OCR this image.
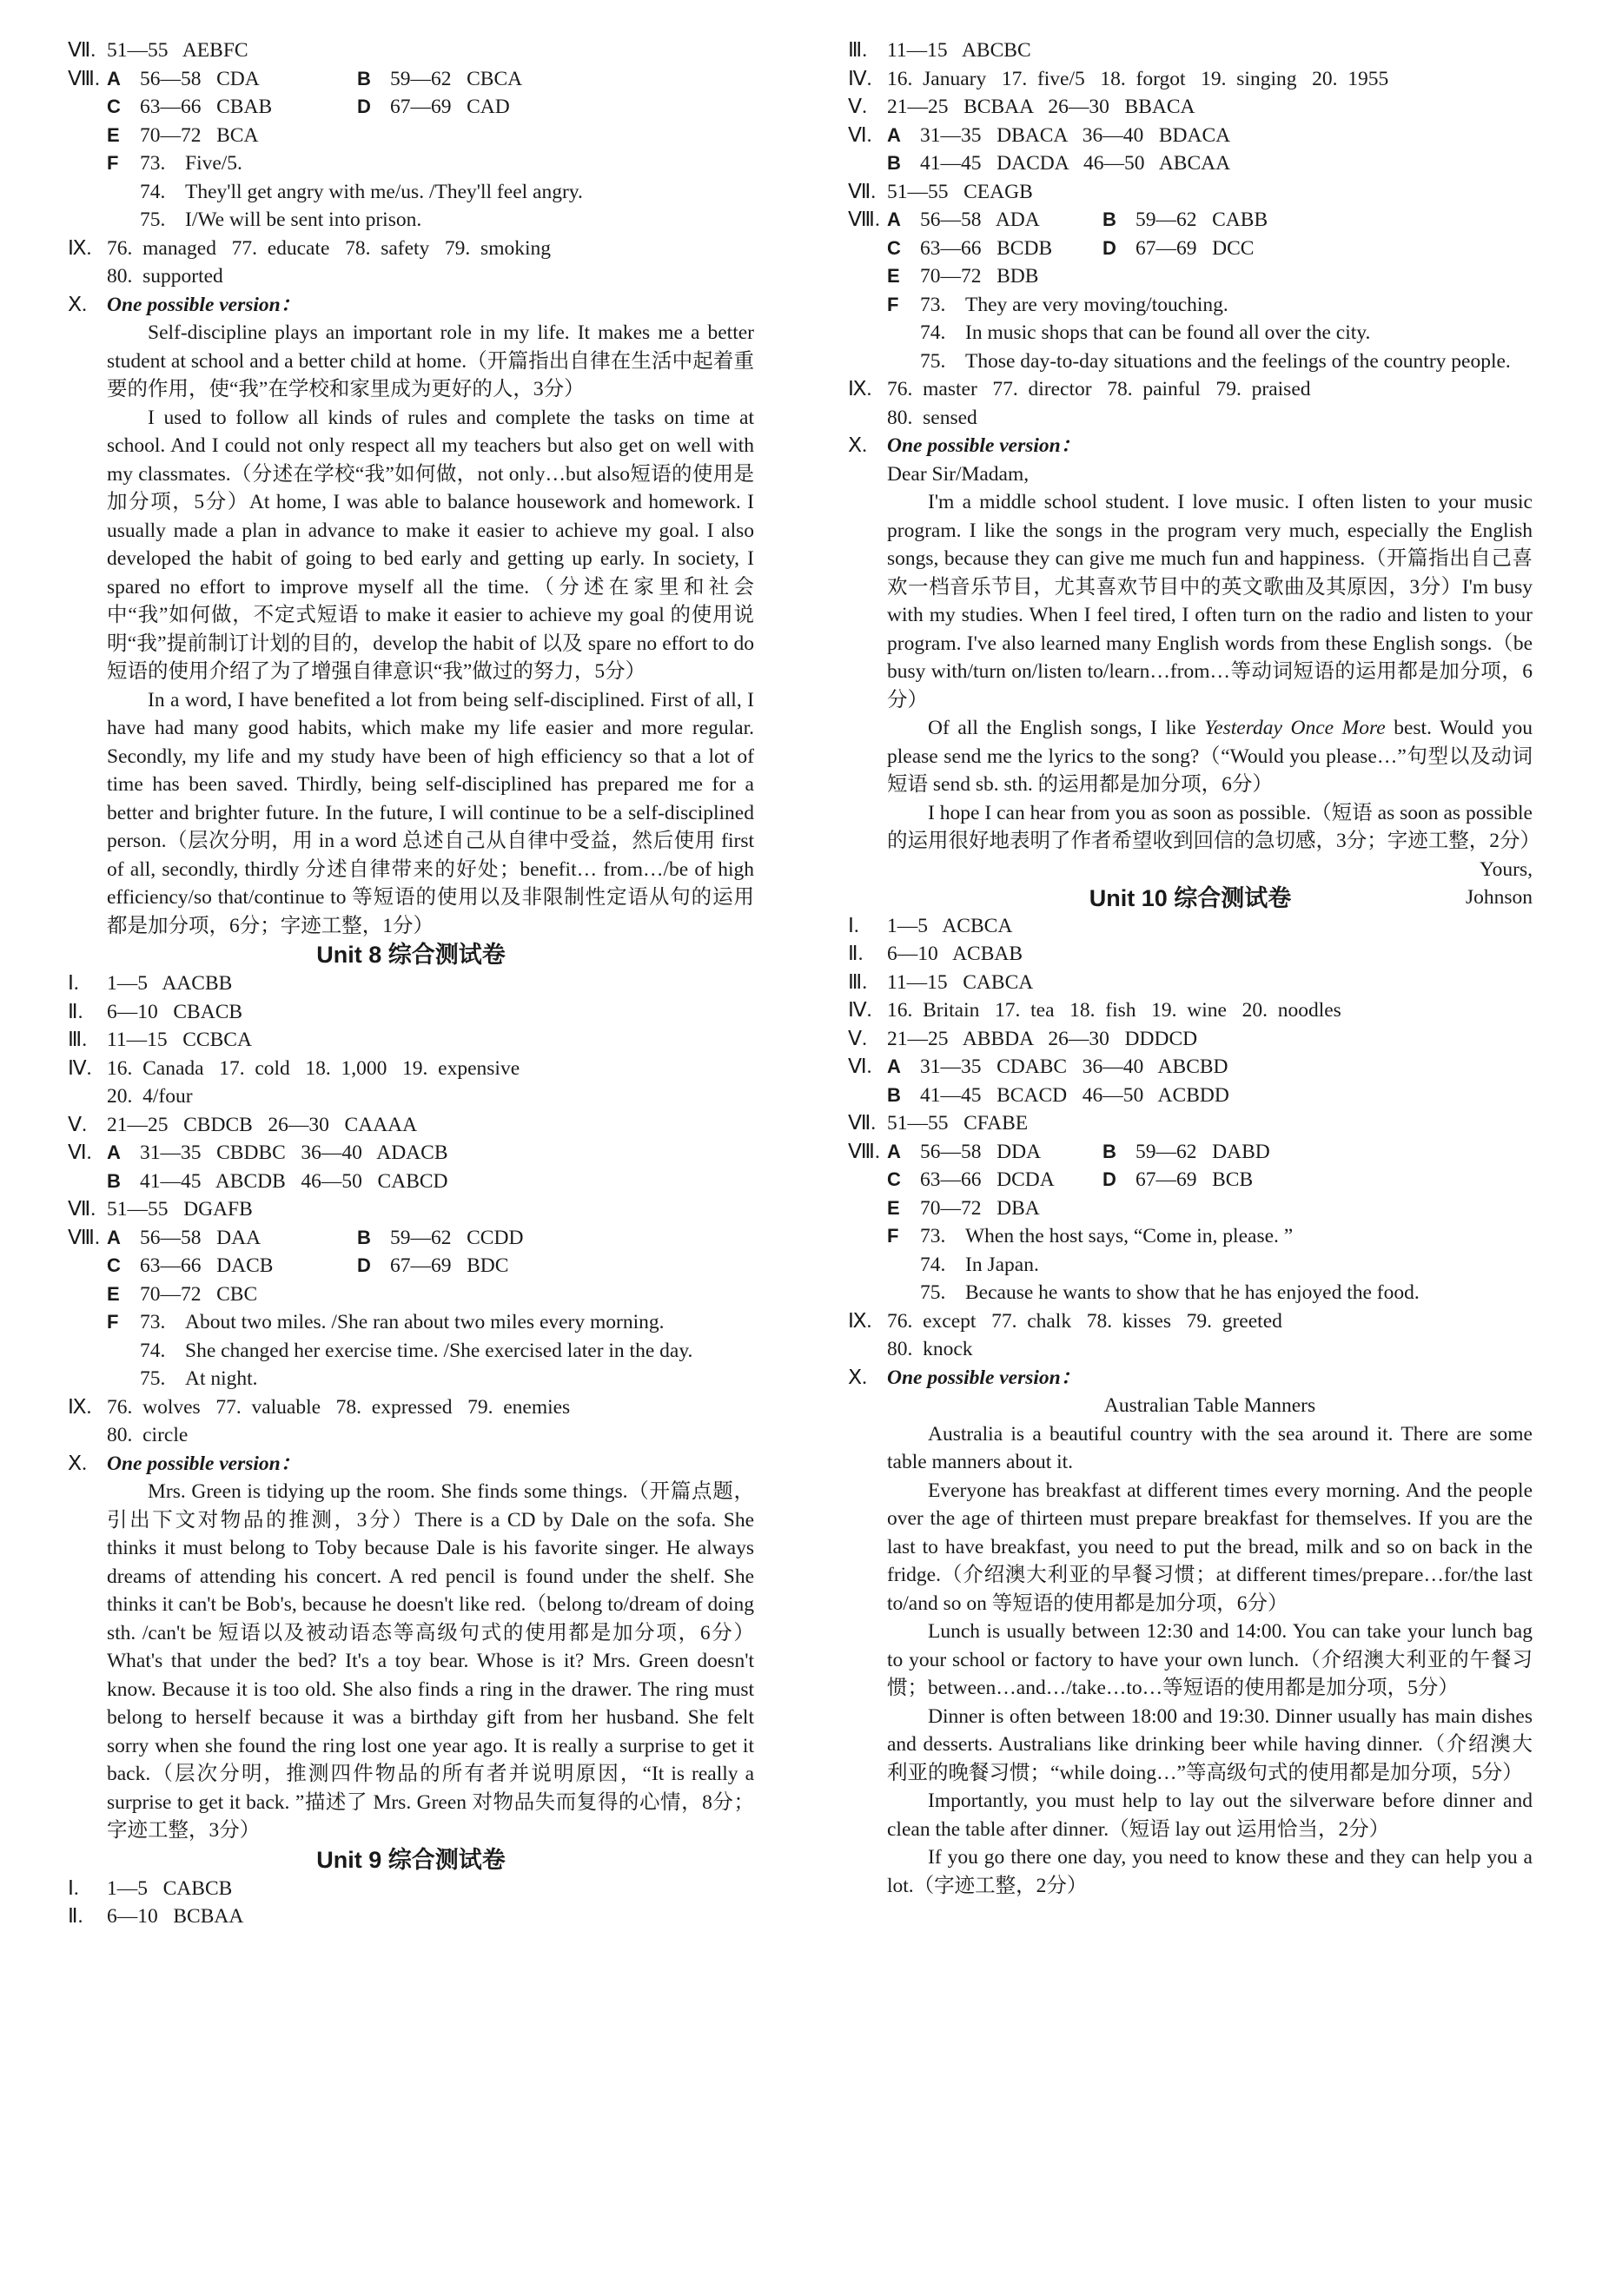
Ⅶ. 51—55   AEBFC
Ⅷ. A 56—58   CDA	B 59—62   CBCA
C 63—66   CBAB	D 67—69   CAD
E 70—72   BCA
F	73. Five/5.
74. They'll get angry with me/us. /They'll feel angry.
75. I/We will be sent into prison.
Ⅸ. 76.  managed   77.  educate   78.  safety   79.  smoking
80.  supported
Ⅹ. One possible version：

Self-discipline plays an important role in my life. It makes me a better student at school and a better child at home.（开篇指出自律在生活中起着重要的作用，使“我”在学校和家里成为更好的人，3分）

I used to follow all kinds of rules and complete the tasks on time at school. And I could not only respect all my teachers but also get on well with my classmates.（分述在学校“我”如何做，not only…but also短语的使用是加分项，5分）At home, I was able to balance housework and homework. I usually made a plan in advance to make it easier to achieve my goal. I also developed the habit of going to bed early and getting up early. In society, I spared no effort to improve myself all the time.（分述在家里和社会中“我”如何做，不定式短语 to make it easier to achieve my goal 的使用说明“我”提前制订计划的目的，develop the habit of 以及 spare no effort to do 短语的使用介绍了为了增强自律意识“我”做过的努力，5分）

In a word, I have benefited a lot from being self-disciplined. First of all, I have had many good habits, which make my life easier and more regular. Secondly, my life and my study have been of high efficiency so that a lot of time has been saved. Thirdly, being self-disciplined has prepared me for a better and brighter future. In the future, I will continue to be a self-disciplined person.（层次分明，用 in a word 总述自己从自律中受益，然后使用 first of all, secondly, thirdly 分述自律带来的好处；benefit… from…/be of high efficiency/so that/continue to 等短语的使用以及非限制性定语从句的运用都是加分项，6分；字迹工整，1分）

Unit 8 综合测试卷
Ⅰ.	1—5   AACBB
Ⅱ.	6—10   CBACB
Ⅲ. 11—15   CCBCA
Ⅳ. 16.  Canada   17.  cold   18.  1,000   19.  expensive
20.  4/four
Ⅴ. 21—25   CBDCB   26—30   CAAAA
Ⅵ. A 31—35   CBDBC   36—40   ADACB
B 41—45   ABCDB   46—50   CABCD
Ⅶ. 51—55   DGAFB
Ⅷ. A 56—58   DAA	B 59—62   CCDD
C 63—66   DACB	D 67—69   BDC
E 70—72   CBC
F	73. About two miles. /She ran about two miles every morning.
74. She changed her exercise time. /She exercised later in the day.
75. At night.
Ⅸ. 76.  wolves   77.  valuable   78.  expressed   79.  enemies
80.  circle
Ⅹ. One possible version：

Mrs. Green is tidying up the room. She finds some things.（开篇点题，引出下文对物品的推测，3分）There is a CD by Dale on the sofa. She thinks it must belong to Toby because Dale is his favorite singer. He always dreams of attending his concert. A red pencil is found under the shelf. She thinks it can't be Bob's, because he doesn't like red.（belong to/dream of doing sth. /can't be 短语以及被动语态等高级句式的使用都是加分项，6分）What's that under the bed? It's a toy bear. Whose is it? Mrs. Green doesn't know. Because it is too old. She also finds a ring in the drawer. The ring must belong to herself because it was a birthday gift from her husband. She felt sorry when she found the ring lost one year ago. It is really a surprise to get it back.（层次分明，推测四件物品的所有者并说明原因，“It is really a surprise to get it back. ”描述了 Mrs. Green 对物品失而复得的心情，8分；字迹工整，3分）

Unit 9 综合测试卷
Ⅰ.	1—5   CABCB
Ⅱ.	6—10   BCBAA
Ⅲ. 11—15   ABCBC
Ⅳ. 16.  January   17.  five/5   18.  forgot   19.  singing   20.  1955
Ⅴ. 21—25   BCBAA   26—30   BBACA
Ⅵ. A 31—35   DBACA   36—40   BDACA
B 41—45   DACDA   46—50   ABCAA
Ⅶ. 51—55   CEAGB
Ⅷ. A 56—58   ADA	B 59—62   CABB
C 63—66   BCDB	D 67—69   DCC
E 70—72   BDB
F	73. They are very moving/touching.
74. In music shops that can be found all over the city.
75. Those day-to-day situations and the feelings of the country people.
Ⅸ. 76.  master   77.  director   78.  painful   79.  praised
80.  sensed
Ⅹ. One possible version：

Dear Sir/Madam,

I'm a middle school student. I love music. I often listen to your music program. I like the songs in the program very much, especially the English songs, because they can give me much fun and happiness.（开篇指出自己喜欢一档音乐节目，尤其喜欢节目中的英文歌曲及其原因，3分）I'm busy with my studies. When I feel tired, I often turn on the radio and listen to your program. I've also learned many English words from these English songs.（be busy with/turn on/listen to/learn…from…等动词短语的运用都是加分项，6分）

Of all the English songs, I like Yesterday Once More best. Would you please send me the lyrics to the song?（“Would you please…”句型以及动词短语 send sb. sth. 的运用都是加分项，6分）

I hope I can hear from you as soon as possible.（短语 as soon as possible 的运用很好地表明了作者希望收到回信的急切感，3分；字迹工整，2分）

Yours,

Johnson
Unit 10 综合测试卷
Ⅰ.	1—5   ACBCA
Ⅱ.	6—10   ACBAB
Ⅲ. 11—15   CABCA
Ⅳ. 16.  Britain   17.  tea   18.  fish   19.  wine   20.  noodles
Ⅴ. 21—25   ABBDA   26—30   DDDCD
Ⅵ. A 31—35   CDABC   36—40   ABCBD
B 41—45   BCACD   46—50   ACBDD
Ⅶ. 51—55   CFABE
Ⅷ. A 56—58   DDA	B 59—62   DABD
C 63—66   DCDA	D 67—69   BCB
E 70—72   DBA
F	73. When the host says, “Come in, please. ”
74. In Japan.
75. Because he wants to show that he has enjoyed the food.
Ⅸ. 76.  except   77.  chalk   78.  kisses   79.  greeted
80.  knock
Ⅹ. One possible version：

Australian Table Manners

Australia is a beautiful country with the sea around it. There are some table manners about it.

Everyone has breakfast at different times every morning. And the people over the age of thirteen must prepare breakfast for themselves. If you are the last to have breakfast, you need to put the bread, milk and so on back in the fridge.（介绍澳大利亚的早餐习惯；at different times/prepare…for/the last to/and so on 等短语的使用都是加分项，6分）

Lunch is usually between 12:30 and 14:00. You can take your lunch bag to your school or factory to have your own lunch.（介绍澳大利亚的午餐习惯；between…and…/take…to…等短语的使用都是加分项，5分）

Dinner is often between 18:00 and 19:30. Dinner usually has main dishes and desserts. Australians like drinking beer while having dinner.（介绍澳大利亚的晚餐习惯；“while doing…”等高级句式的使用都是加分项，5分）

Importantly, you must help to lay out the silverware before dinner and clean the table after dinner.（短语 lay out 运用恰当，2分）

If you go there one day, you need to know these and they can help you a lot.（字迹工整，2分）
